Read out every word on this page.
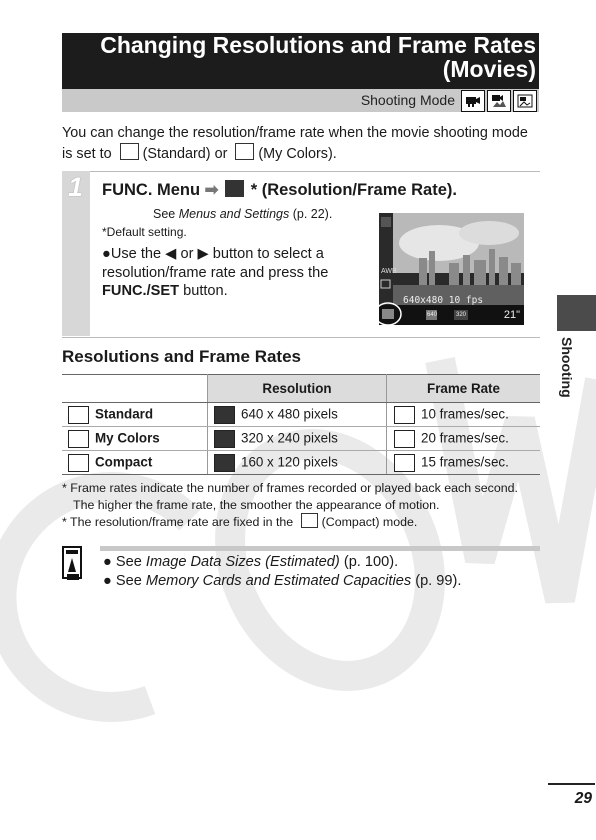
Changing Resolutions and Frame Rates
(Movies)
Shooting Mode
You can change the resolution/frame rate when the movie shooting mode is set to (Standard) or (My Colors).
1 FUNC. Menu ➡ * (Resolution/Frame Rate).
See Menus and Settings (p. 22).
*Default setting.
●Use the ◀ or ▶ button to select a resolution/frame rate and press the FUNC./SET button.
AWB
640x480 10 fps
640	320	21"
Resolutions and Frame Rates
	Resolution	Frame Rate
Standard	640 x 480 pixels	10 frames/sec.
My Colors	320 x 240 pixels	20 frames/sec.
Compact	160 x 120 pixels	15 frames/sec.

* Frame rates indicate the number of frames recorded or played back each second. The higher the frame rate, the smoother the appearance of motion.

* The resolution/frame rate are fixed in the (Compact) mode.

● See Image Data Sizes (Estimated) (p. 100).
● See Memory Cards and Estimated Capacities (p. 99).
Shooting
29
